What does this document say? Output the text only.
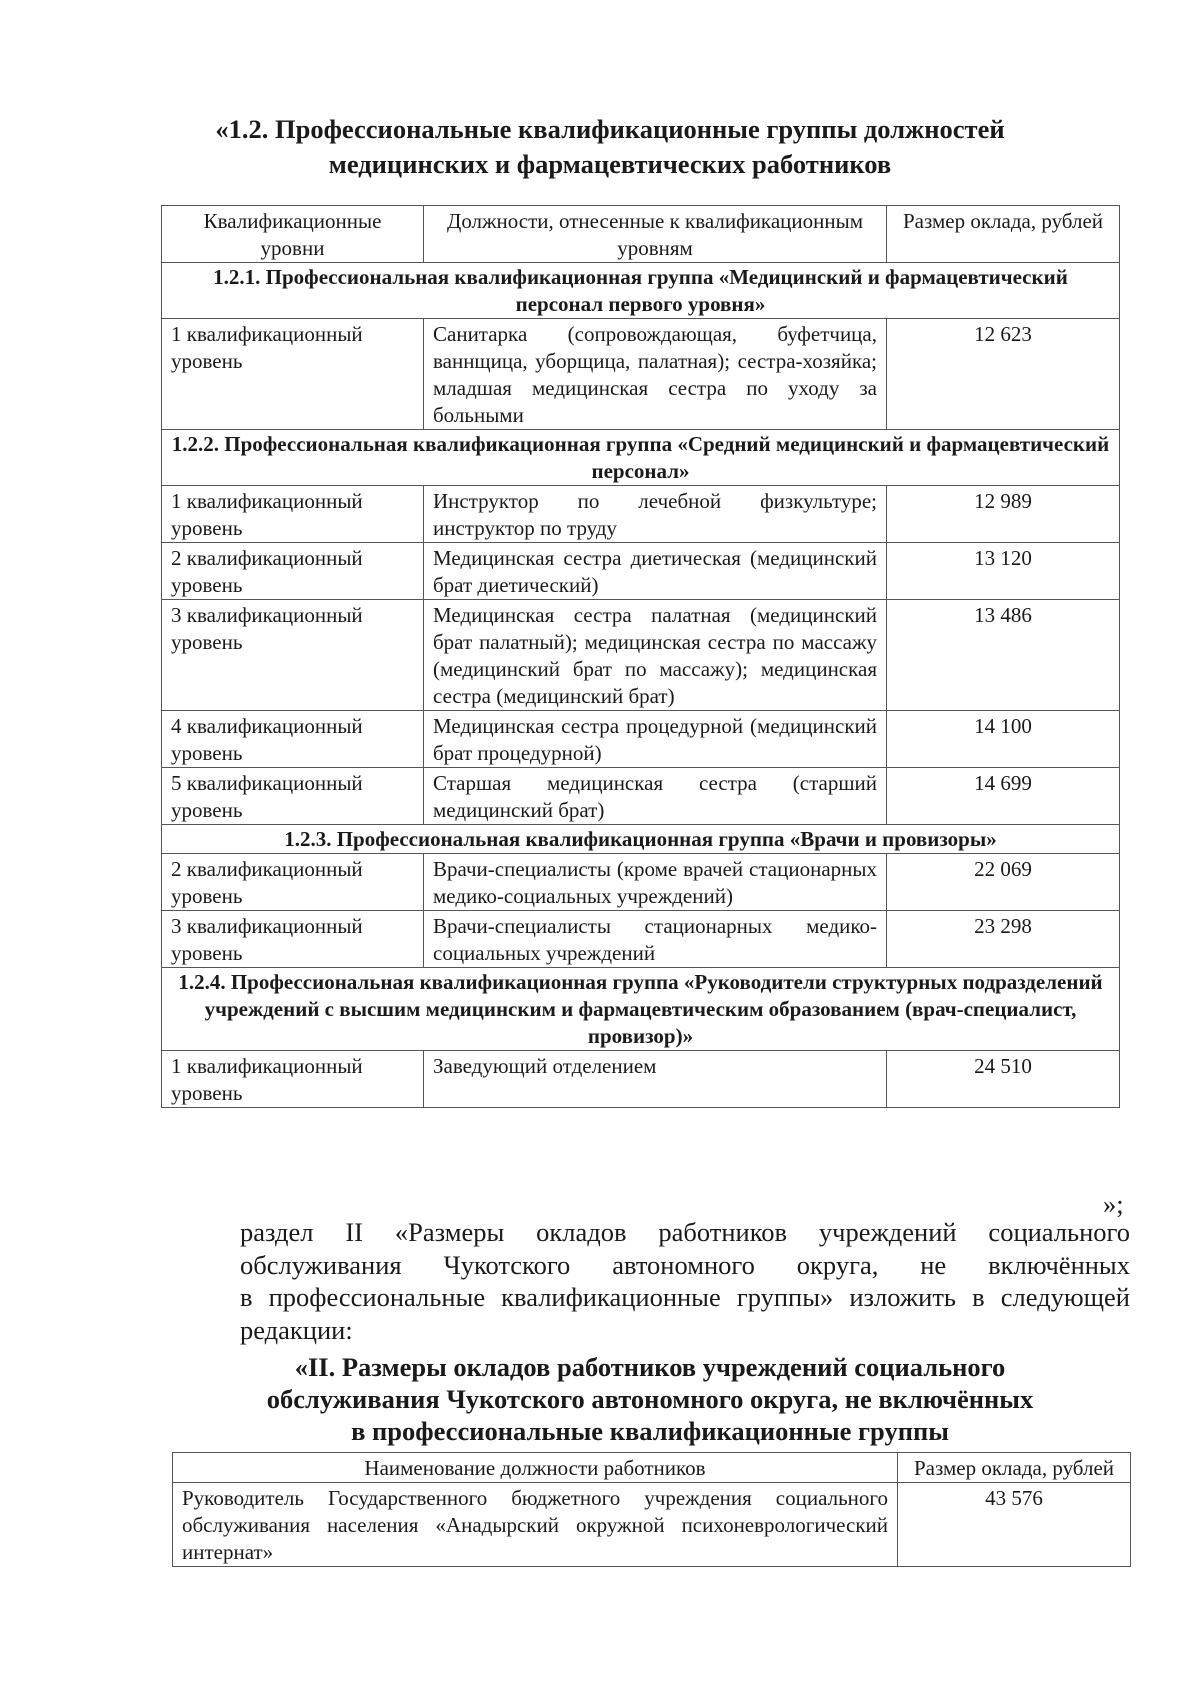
«1.2. Профессиональные квалификационные группы должностей
медицинских и фармацевтических работников
Квалификационные уровни	Должности, отнесенные к квалификационным уровням	Размер оклада, рублей
1.2.1. Профессиональная квалификационная группа «Медицинский и фармацевтический персонал первого уровня»		
1 квалификационный уровень	Санитарка (сопровождающая, буфетчица, ваннщица, уборщица, палатная); сестра-хозяйка; младшая медицинская сестра по уходу за больными	12 623
1.2.2. Профессиональная квалификационная группа «Средний медицинский и фармацевтический персонал»		
1 квалификационный уровень	Инструктор по лечебной физкультуре; инструктор по труду	12 989
2 квалификационный уровень	Медицинская сестра диетическая (медицинский брат диетический)	13 120
3 квалификационный уровень	Медицинская сестра палатная (медицинский брат палатный); медицинская сестра по массажу (медицинский брат по массажу); медицинская сестра (медицинский брат)	13 486
4 квалификационный уровень	Медицинская сестра процедурной (медицинский брат процедурной)	14 100
5 квалификационный уровень	Старшая медицинская сестра (старший медицинский брат)	14 699
1.2.3. Профессиональная квалификационная группа «Врачи и провизоры»		
2 квалификационный уровень	Врачи-специалисты (кроме врачей стационарных медико-социальных учреждений)	22 069
3 квалификационный уровень	Врачи-специалисты стационарных медико-социальных учреждений	23 298
1.2.4. Профессиональная квалификационная группа «Руководители структурных подразделений учреждений с высшим медицинским и фармацевтическим образованием (врач-специалист, провизор)»		
1 квалификационный уровень	Заведующий отделением	24 510
»;
раздел II «Размеры окладов работников учреждений социального
обслуживания Чукотского автономного округа, не включённых
в профессиональные квалификационные группы» изложить в следующей
редакции:
«II. Размеры окладов работников учреждений социального
обслуживания Чукотского автономного округа, не включённых
в профессиональные квалификационные группы
Наименование должности работников	Размер оклада, рублей
Руководитель Государственного бюджетного учреждения социального обслуживания населения «Анадырский окружной психоневрологический интернат»	43 576
